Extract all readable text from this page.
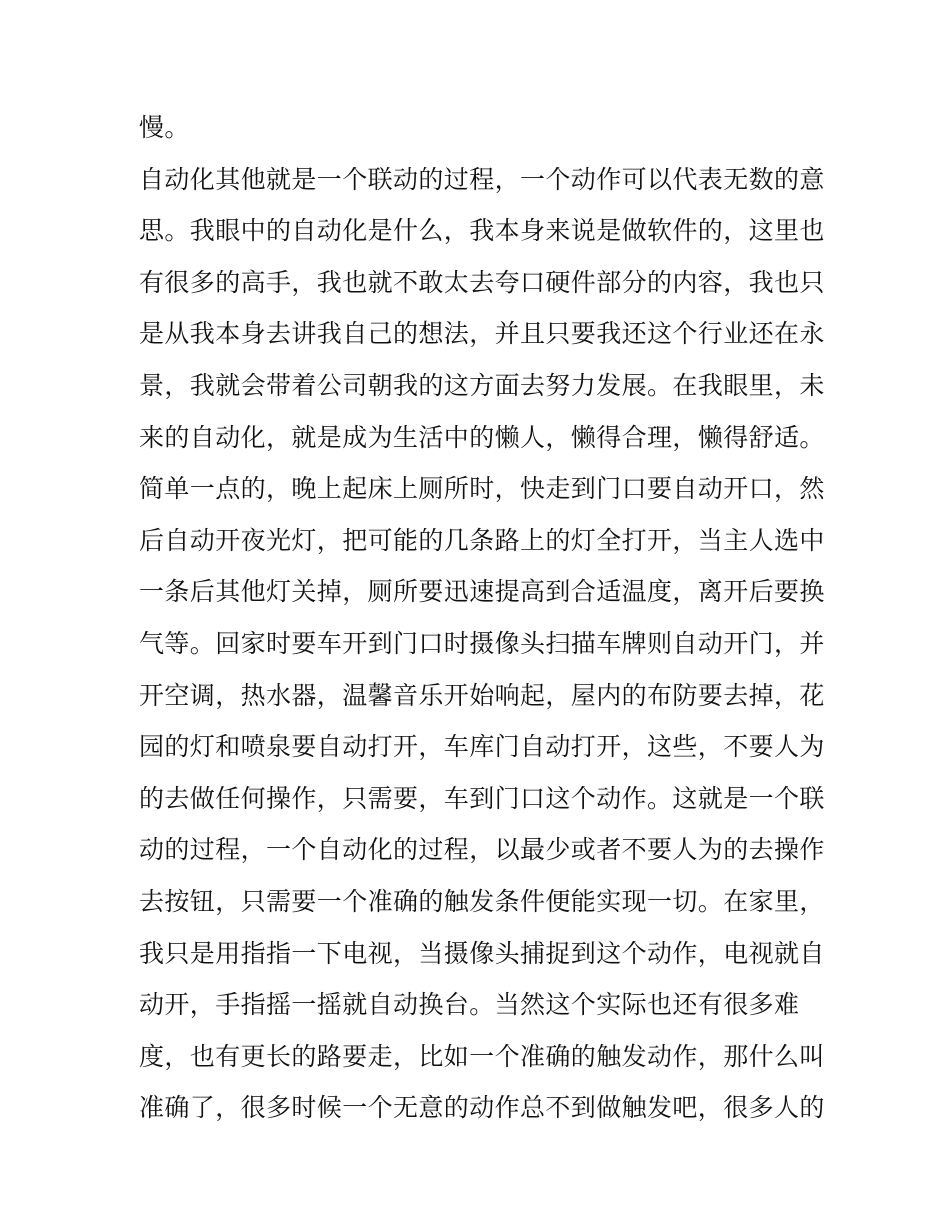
慢。
自动化其他就是一个联动的过程，一个动作可以代表无数的意
思。我眼中的自动化是什么，我本身来说是做软件的，这里也
有很多的高手，我也就不敢太去夸口硬件部分的内容，我也只
是从我本身去讲我自己的想法，并且只要我还这个行业还在永
景，我就会带着公司朝我的这方面去努力发展。在我眼里，未
来的自动化，就是成为生活中的懒人，懒得合理，懒得舒适。
简单一点的，晚上起床上厕所时，快走到门口要自动开口，然
后自动开夜光灯，把可能的几条路上的灯全打开，当主人选中
一条后其他灯关掉，厕所要迅速提高到合适温度，离开后要换
气等。回家时要车开到门口时摄像头扫描车牌则自动开门，并
开空调，热水器，温馨音乐开始响起，屋内的布防要去掉，花
园的灯和喷泉要自动打开，车库门自动打开，这些，不要人为
的去做任何操作，只需要，车到门口这个动作。这就是一个联
动的过程，一个自动化的过程，以最少或者不要人为的去操作
去按钮，只需要一个准确的触发条件便能实现一切。在家里，
我只是用指指一下电视，当摄像头捕捉到这个动作，电视就自
动开，手指摇一摇就自动换台。当然这个实际也还有很多难
度，也有更长的路要走，比如一个准确的触发动作，那什么叫
准确了，很多时候一个无意的动作总不到做触发吧，很多人的
